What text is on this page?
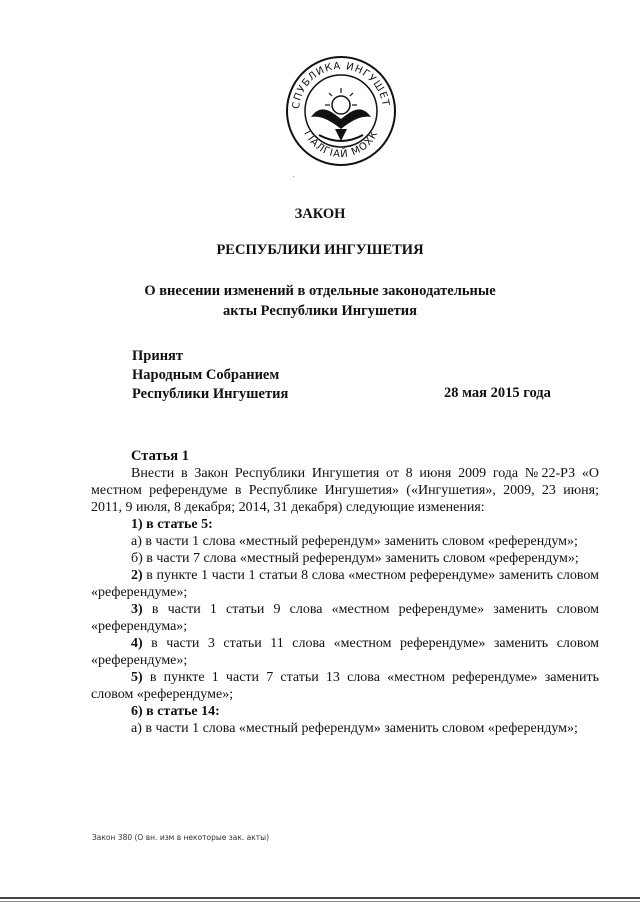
СПУБЛИКА ИНГУШЕТ
ГІАЛГІАЙ МОХК
·
ЗАКОН
РЕСПУБЛИКИ ИНГУШЕТИЯ
О внесении изменений в отдельные законодательные
акты Республики Ингушетия
Принят
Народным Собранием
Республики Ингушетия	28 мая 2015 года

Статья 1

Внести в Закон Республики Ингушетия от 8 июня 2009 года №22-РЗ «О местном референдуме в Республике Ингушетия» («Ингушетия», 2009, 23 июня; 2011, 9 июля, 8 декабря; 2014, 31 декабря) следующие изменения:

1) в статье 5:

а) в части 1 слова «местный референдум» заменить словом «референдум»;

б) в части 7 слова «местный референдум» заменить словом «референдум»;

2) в пункте 1 части 1 статьи 8 слова «местном референдуме» заменить словом «референдуме»;

3) в части 1 статьи 9 слова «местном референдуме» заменить словом «референдума»;

4) в части 3 статьи 11 слова «местном референдуме» заменить словом «референдуме»;

5) в пункте 1 части 7 статьи 13 слова «местном референдуме» заменить словом «референдуме»;

6) в статье 14:

а) в части 1 слова «местный референдум» заменить словом «референдум»;

Закон 380 (О вн. изм в некоторые зак. акты)
